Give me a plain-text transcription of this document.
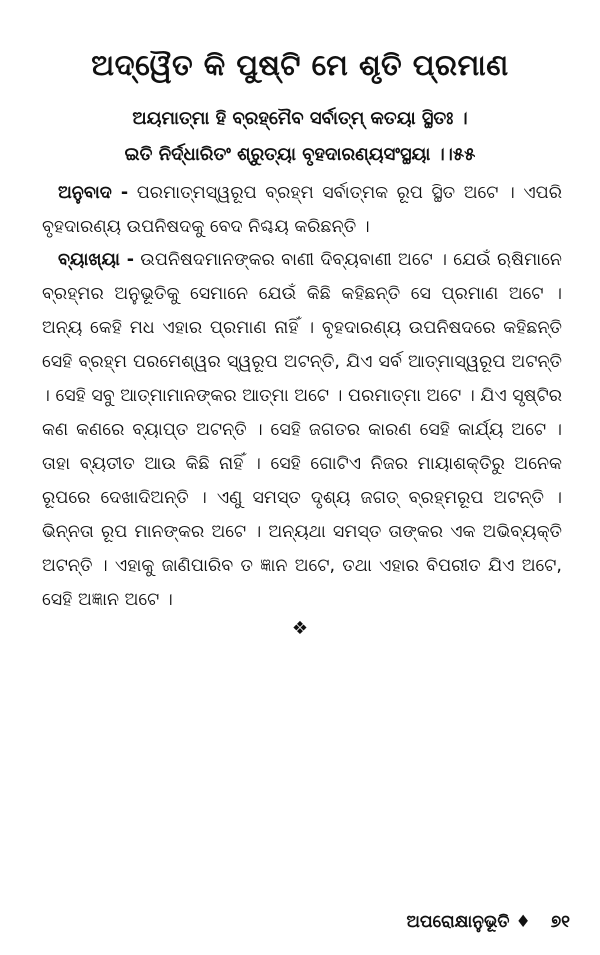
ଅଦ୍ୱୈତ କି ପୁଷ୍ଟି ମେ ଶୃତି ପ୍ରମାଣ
ଅୟମାତ୍ମା ହି ବ୍ରହ୍ମୈବ ସର୍ବାତ୍ମ୍ କତୟା ସ୍ଥିତଃ ।
ଇତି ନିର୍ଦ୍ଧାରିତଂ ଶ୍ରୁତ୍ୟା ବୃହଦାରଣ୍ୟସଂସ୍ଥୟା ।।୫୫
ଅନୁବାଦ - ପରମାତ୍ମସ୍ୱରୂପ ବ୍ରହ୍ମ ସର୍ବାତ୍ମକ ରୂପ ସ୍ଥିତ ଅଟେ । ଏପରି ବୃହଦାରଣ୍ୟ ଉପନିଷଦକୁ ବେଦ ନିଶ୍ଚୟ କରିଛନ୍ତି ।
ବ୍ୟାଖ୍ୟା - ଉପନିଷଦମାନଙ୍କର ବାଣୀ ଦିବ୍ୟବାଣୀ ଅଟେ । ଯେଉଁ ଋଷିମାନେ ବ୍ରହ୍ମର ଅନୁଭୂତିକୁ ସେମାନେ ଯେଉଁ କିଛି କହିଛନ୍ତି ସେ ପ୍ରମାଣ ଅଟେ । ଅନ୍ୟ କେହି ମଧ ଏହାର ପ୍ରମାଣ ନାହିଁ । ବୃହଦାରଣ୍ୟ ଉପନିଷଦରେ କହିଛନ୍ତି ସେହି ବ୍ରହ୍ମ ପରମେଶ୍ୱର ସ୍ୱରୂପ ଅଟନ୍ତି, ଯିଏ ସର୍ବ ଆତ୍ମାସ୍ୱରୂପ ଅଟନ୍ତି । ସେହି ସବୁ ଆତ୍ମାମାନଙ୍କର ଆତ୍ମା ଅଟେ । ପରମାତ୍ମା ଅଟେ । ଯିଏ ସୃଷ୍ଟିର କଣ କଣରେ ବ୍ୟାପ୍ତ ଅଟନ୍ତି । ସେହି ଜଗତର କାରଣ ସେହି କାର୍ଯ୍ୟ ଅଟେ । ତାହା ବ୍ୟତୀତ ଆଉ କିଛି ନାହିଁ । ସେହି ଗୋଟିଏ ନିଜର ମାୟାଶକ୍ତିରୁ ଅନେକ ରୂପରେ ଦେଖାଦିଅନ୍ତି । ଏଣୁ ସମସ୍ତ ଦୃଶ୍ୟ ଜଗତ୍ ବ୍ରହ୍ମରୂପ ଅଟନ୍ତି । ଭିନ୍ନତା ରୂପ ମାନଙ୍କର ଅଟେ । ଅନ୍ୟଥା ସମସ୍ତ ତାଙ୍କର ଏକ ଅଭିବ୍ୟକ୍ତି ଅଟନ୍ତି । ଏହାକୁ ଜାଣିପାରିବ ତ ଜ୍ଞାନ ଅଟେ, ତଥା ଏହାର ବିପରୀତ ଯିଏ ଅଟେ, ସେହି ଅଜ୍ଞାନ ଅଟେ ।
❖
ଅପରୋକ୍ଷାନୁଭୂତି ♦ ୭୧
